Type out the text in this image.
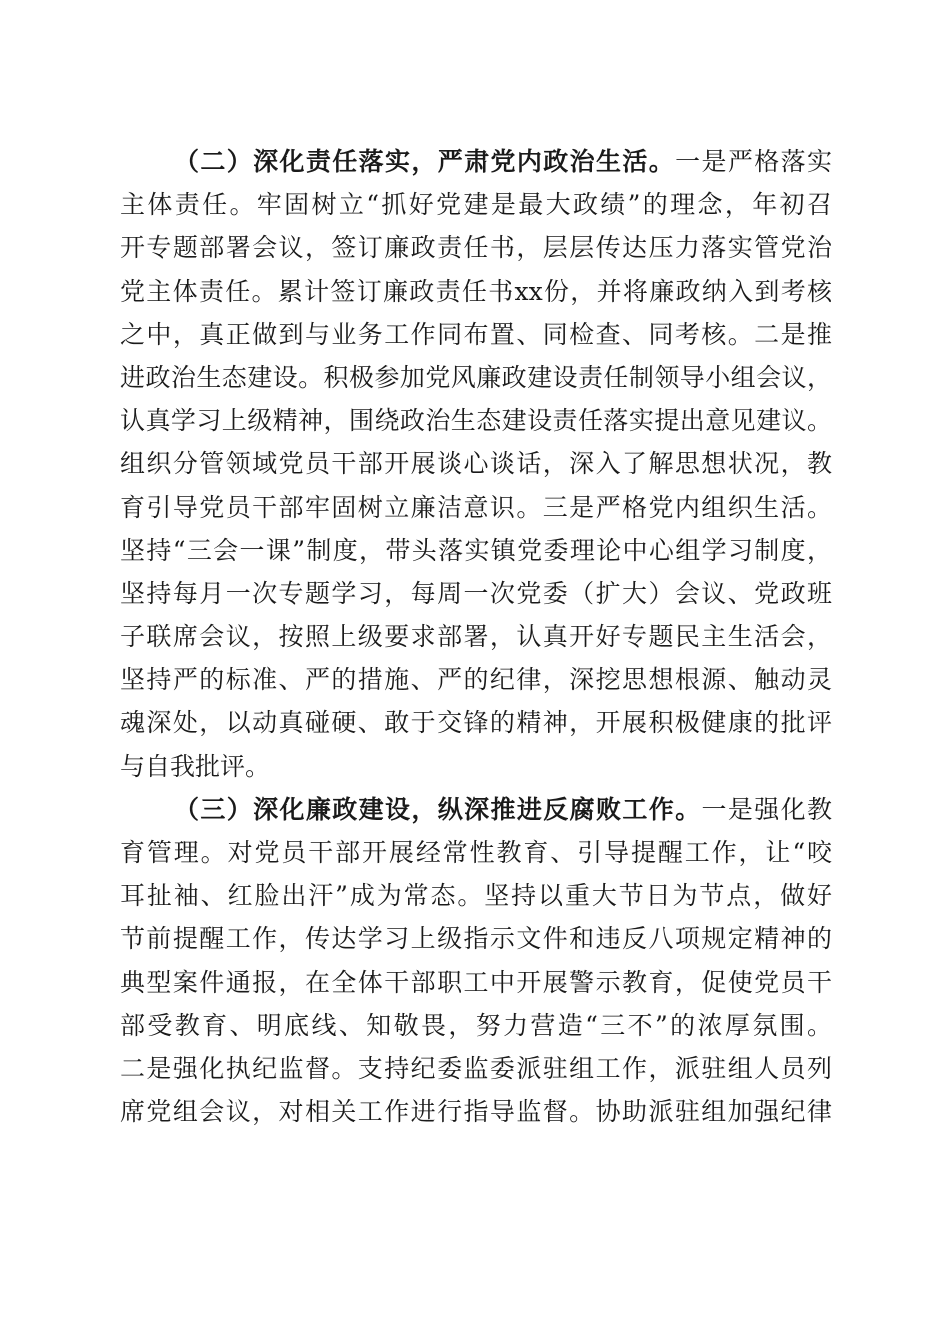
（二）深化责任落实，严肃党内政治生活。一是严格落实
主体责任。牢固树立“抓好党建是最大政绩”的理念，年初召
开专题部署会议，签订廉政责任书，层层传达压力落实管党治
党主体责任。累计签订廉政责任书xx份，并将廉政纳入到考核
之中，真正做到与业务工作同布置、同检查、同考核。二是推
进政治生态建设。积极参加党风廉政建设责任制领导小组会议，
认真学习上级精神，围绕政治生态建设责任落实提出意见建议。
组织分管领域党员干部开展谈心谈话，深入了解思想状况，教
育引导党员干部牢固树立廉洁意识。三是严格党内组织生活。
坚持“三会一课”制度，带头落实镇党委理论中心组学习制度，
坚持每月一次专题学习，每周一次党委（扩大）会议、党政班
子联席会议，按照上级要求部署，认真开好专题民主生活会，
坚持严的标准、严的措施、严的纪律，深挖思想根源、触动灵
魂深处，以动真碰硬、敢于交锋的精神，开展积极健康的批评
与自我批评。
（三）深化廉政建设，纵深推进反腐败工作。一是强化教
育管理。对党员干部开展经常性教育、引导提醒工作，让“咬
耳扯袖、红脸出汗”成为常态。坚持以重大节日为节点，做好
节前提醒工作，传达学习上级指示文件和违反八项规定精神的
典型案件通报，在全体干部职工中开展警示教育，促使党员干
部受教育、明底线、知敬畏，努力营造“三不”的浓厚氛围。
二是强化执纪监督。支持纪委监委派驻组工作，派驻组人员列
席党组会议，对相关工作进行指导监督。协助派驻组加强纪律
